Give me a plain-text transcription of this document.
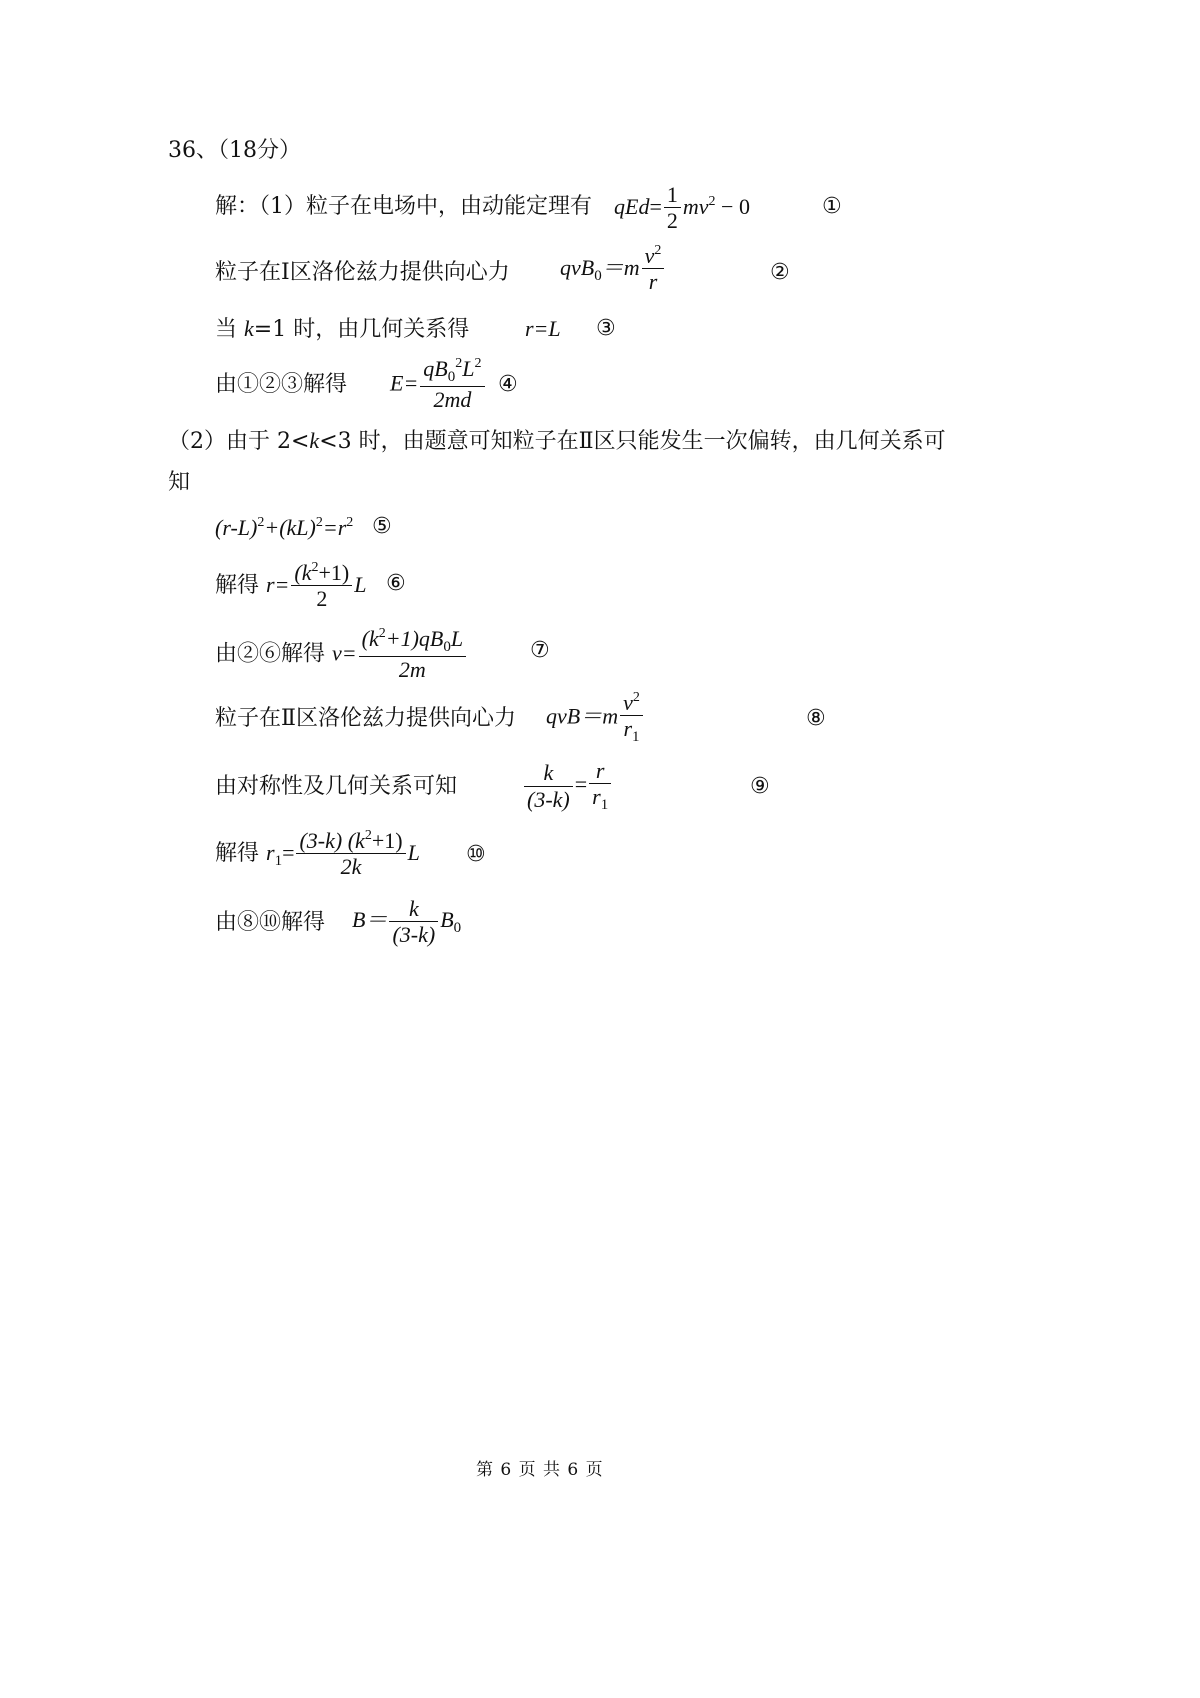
36、（18分）
解：（1）粒子在电场中，由动能定理有 $qEd= \frac{1}{2} mv^2 - 0$	①
粒子在Ⅰ区洛伦兹力提供向心力 $qvB_0=m \frac{v^2}{r}$	②
当 k=1 时，由几何关系得	r=L ③
由①②③解得 $E= \frac{qB_0^2L^2}{2md}$ ④
（2）由于 2<k<3 时，由题意可知粒子在Ⅱ区只能发生一次偏转，由几何关系可
知
$(r-L)^2+(kL)^2=r^2$ ⑤
解得 $r= \frac{(k^2+1)}{2}$ L ⑥
由②⑥解得 $v= \frac{(k^2+1)qB_0L}{2m}$	⑦
粒子在Ⅱ区洛伦兹力提供向心力 $qvB=m \frac{v^2}{r_1}$	⑧
由对称性及几何关系可知	$\frac{k}{(3-k)} = \frac{r}{r_1}$	⑨
解得 $r_1= \frac{(3-k) (k^2+1)}{2k}$ L ⑩
由⑧⑩解得 $B= \frac{k}{(3-k)} B_0$
第 6 页 共 6 页
